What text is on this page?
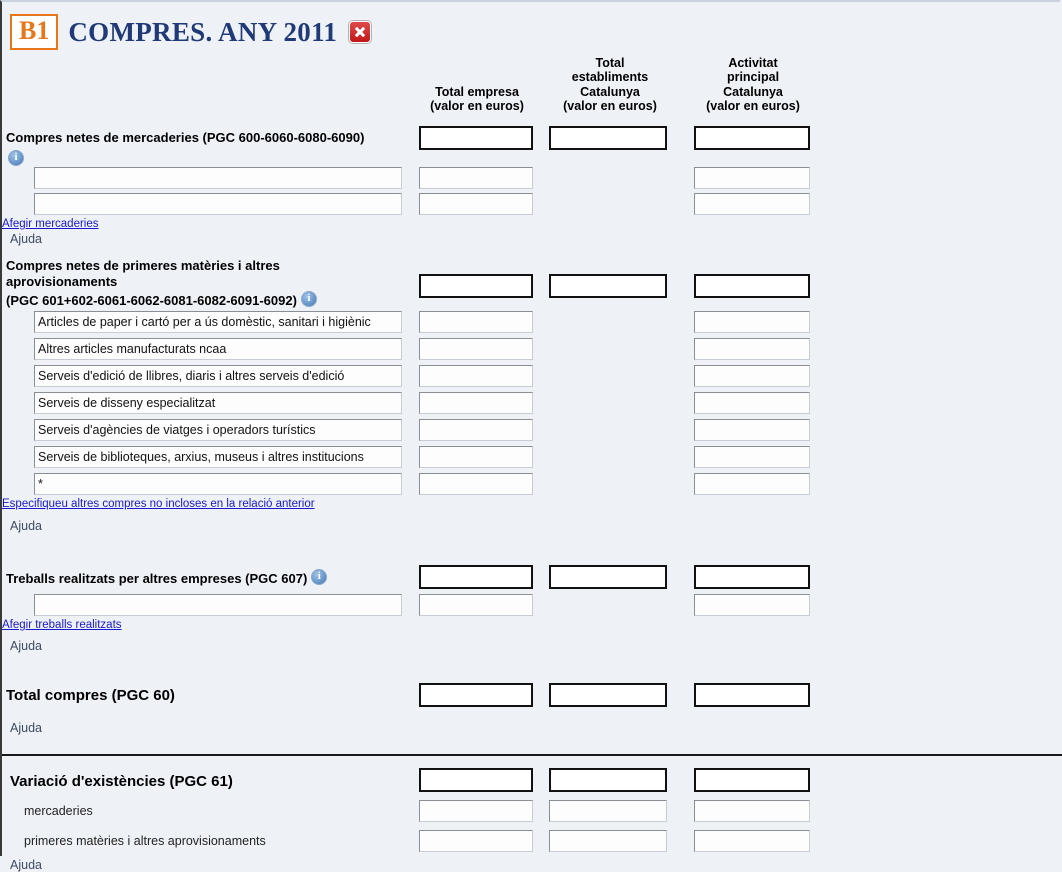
B1 COMPRES. ANY 2011
Total empresa
(valor en euros)
Total
establiments
Catalunya
(valor en euros)
Activitat
principal
Catalunya
(valor en euros)
Compres netes de mercaderies (PGC 600-6060-6080-6090)
i
Afegir mercaderies
Ajuda
Compres netes de primeres matèries i altres
aprovisionaments
(PGC 601+602-6061-6062-6081-6082-6091-6092)i
Articles de paper i cartó per a ús domèstic, sanitari i higiènic
Altres articles manufacturats ncaa
Serveis d'edició de llibres, diaris i altres serveis d'edició
Serveis de disseny especialitzat
Serveis d'agències de viatges i operadors turístics
Serveis de biblioteques, arxius, museus i altres institucions
*
Especifiqueu altres compres no incloses en la relació anterior
Ajuda
Treballs realitzats per altres empreses (PGC 607)i
Afegir treballs realitzats
Ajuda
Total compres (PGC 60)
Ajuda
Variació d'existències (PGC 61)
mercaderies
primeres matèries i altres aprovisionaments
Ajuda
